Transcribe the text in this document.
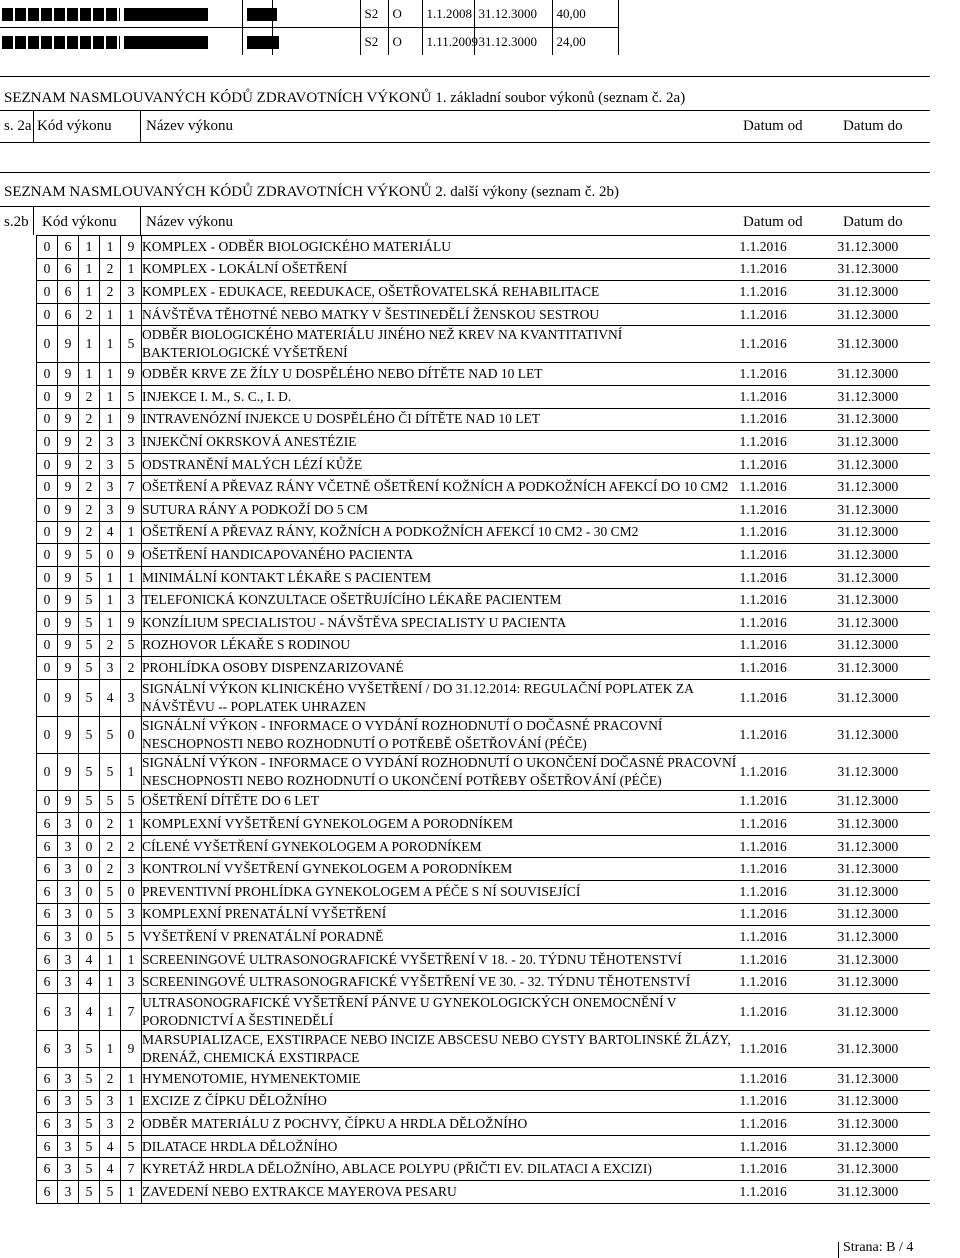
			S2	O	1.1.2008	31.12.3000	40,00
			S2	O	1.11.2009	31.12.3000	24,00
SEZNAM NASMLOUVANÝCH KÓDŮ ZDRAVOTNÍCH VÝKONŮ 1. základní soubor výkonů (seznam č. 2a)
s. 2a Kód výkonu Název výkonu	Datum od	Datum do
SEZNAM NASMLOUVANÝCH KÓDŮ ZDRAVOTNÍCH VÝKONŮ 2. další výkony (seznam č. 2b)
s.2b Kód výkonu Název výkonu	Datum od	Datum do
0	6	1	1	9	KOMPLEX - ODBĚR BIOLOGICKÉHO MATERIÁLU	1.1.2016	31.12.3000
0	6	1	2	1	KOMPLEX - LOKÁLNÍ OŠETŘENÍ	1.1.2016	31.12.3000
0	6	1	2	3	KOMPLEX - EDUKACE, REEDUKACE, OŠETŘOVATELSKÁ REHABILITACE	1.1.2016	31.12.3000
0	6	2	1	1	NÁVŠTĚVA TĚHOTNÉ NEBO MATKY V ŠESTINEDĚLÍ ŽENSKOU SESTROU	1.1.2016	31.12.3000
0	9	1	1	5	ODBĚR BIOLOGICKÉHO MATERIÁLU JINÉHO NEŽ KREV NA KVANTITATIVNÍ BAKTERIOLOGICKÉ VYŠETŘENÍ	1.1.2016	31.12.3000
0	9	1	1	9	ODBĚR KRVE ZE ŽÍLY U DOSPĚLÉHO NEBO DÍTĚTE NAD 10 LET	1.1.2016	31.12.3000
0	9	2	1	5	INJEKCE I. M., S. C., I. D.	1.1.2016	31.12.3000
0	9	2	1	9	INTRAVENÓZNÍ INJEKCE U DOSPĚLÉHO ČI DÍTĚTE NAD 10 LET	1.1.2016	31.12.3000
0	9	2	3	3	INJEKČNÍ OKRSKOVÁ ANESTÉZIE	1.1.2016	31.12.3000
0	9	2	3	5	ODSTRANĚNÍ MALÝCH LÉZÍ KŮŽE	1.1.2016	31.12.3000
0	9	2	3	7	OŠETŘENÍ A PŘEVAZ RÁNY VČETNĚ OŠETŘENÍ KOŽNÍCH A PODKOŽNÍCH AFEKCÍ DO 10 CM2	1.1.2016	31.12.3000
0	9	2	3	9	SUTURA RÁNY A PODKOŽÍ DO 5 CM	1.1.2016	31.12.3000
0	9	2	4	1	OŠETŘENÍ A PŘEVAZ RÁNY, KOŽNÍCH A PODKOŽNÍCH AFEKCÍ 10 CM2 - 30 CM2	1.1.2016	31.12.3000
0	9	5	0	9	OŠETŘENÍ HANDICAPOVANÉHO PACIENTA	1.1.2016	31.12.3000
0	9	5	1	1	MINIMÁLNÍ KONTAKT LÉKAŘE S PACIENTEM	1.1.2016	31.12.3000
0	9	5	1	3	TELEFONICKÁ KONZULTACE OŠETŘUJÍCÍHO LÉKAŘE PACIENTEM	1.1.2016	31.12.3000
0	9	5	1	9	KONZÍLIUM SPECIALISTOU - NÁVŠTĚVA SPECIALISTY U PACIENTA	1.1.2016	31.12.3000
0	9	5	2	5	ROZHOVOR LÉKAŘE S RODINOU	1.1.2016	31.12.3000
0	9	5	3	2	PROHLÍDKA OSOBY DISPENZARIZOVANÉ	1.1.2016	31.12.3000
0	9	5	4	3	SIGNÁLNÍ VÝKON KLINICKÉHO VYŠETŘENÍ / DO 31.12.2014: REGULAČNÍ POPLATEK ZA NÁVŠTĚVU -- POPLATEK UHRAZEN	1.1.2016	31.12.3000
0	9	5	5	0	SIGNÁLNÍ VÝKON - INFORMACE O VYDÁNÍ ROZHODNUTÍ O DOČASNÉ PRACOVNÍ NESCHOPNOSTI NEBO ROZHODNUTÍ O POTŘEBĚ OŠETŘOVÁNÍ (PÉČE)	1.1.2016	31.12.3000
0	9	5	5	1	SIGNÁLNÍ VÝKON - INFORMACE O VYDÁNÍ ROZHODNUTÍ O UKONČENÍ DOČASNÉ PRACOVNÍ NESCHOPNOSTI NEBO ROZHODNUTÍ O UKONČENÍ POTŘEBY OŠETŘOVÁNÍ (PÉČE)	1.1.2016	31.12.3000
0	9	5	5	5	OŠETŘENÍ DÍTĚTE DO 6 LET	1.1.2016	31.12.3000
6	3	0	2	1	KOMPLEXNÍ VYŠETŘENÍ GYNEKOLOGEM A PORODNÍKEM	1.1.2016	31.12.3000
6	3	0	2	2	CÍLENÉ VYŠETŘENÍ GYNEKOLOGEM A PORODNÍKEM	1.1.2016	31.12.3000
6	3	0	2	3	KONTROLNÍ VYŠETŘENÍ GYNEKOLOGEM A PORODNÍKEM	1.1.2016	31.12.3000
6	3	0	5	0	PREVENTIVNÍ PROHLÍDKA GYNEKOLOGEM A PÉČE S NÍ SOUVISEJÍCÍ	1.1.2016	31.12.3000
6	3	0	5	3	KOMPLEXNÍ PRENATÁLNÍ VYŠETŘENÍ	1.1.2016	31.12.3000
6	3	0	5	5	VYŠETŘENÍ V PRENATÁLNÍ PORADNĚ	1.1.2016	31.12.3000
6	3	4	1	1	SCREENINGOVÉ ULTRASONOGRAFICKÉ VYŠETŘENÍ V 18. - 20. TÝDNU TĚHOTENSTVÍ	1.1.2016	31.12.3000
6	3	4	1	3	SCREENINGOVÉ ULTRASONOGRAFICKÉ VYŠETŘENÍ VE 30. - 32. TÝDNU TĚHOTENSTVÍ	1.1.2016	31.12.3000
6	3	4	1	7	ULTRASONOGRAFICKÉ VYŠETŘENÍ PÁNVE U GYNEKOLOGICKÝCH ONEMOCNĚNÍ V PORODNICTVÍ A ŠESTINEDĚLÍ	1.1.2016	31.12.3000
6	3	5	1	9	MARSUPIALIZACE, EXSTIRPACE NEBO INCIZE ABSCESU NEBO CYSTY BARTOLINSKÉ ŽLÁZY, DRENÁŽ, CHEMICKÁ EXSTIRPACE	1.1.2016	31.12.3000
6	3	5	2	1	HYMENOTOMIE, HYMENEKTOMIE	1.1.2016	31.12.3000
6	3	5	3	1	EXCIZE Z ČÍPKU DĚLOŽNÍHO	1.1.2016	31.12.3000
6	3	5	3	2	ODBĚR MATERIÁLU Z POCHVY, ČÍPKU A HRDLA DĚLOŽNÍHO	1.1.2016	31.12.3000
6	3	5	4	5	DILATACE HRDLA DĚLOŽNÍHO	1.1.2016	31.12.3000
6	3	5	4	7	KYRETÁŽ HRDLA DĚLOŽNÍHO, ABLACE POLYPU (PŘIČTI EV. DILATACI A EXCIZI)	1.1.2016	31.12.3000
6	3	5	5	1	ZAVEDENÍ NEBO EXTRAKCE MAYEROVA PESARU	1.1.2016	31.12.3000
Strana: B / 4
